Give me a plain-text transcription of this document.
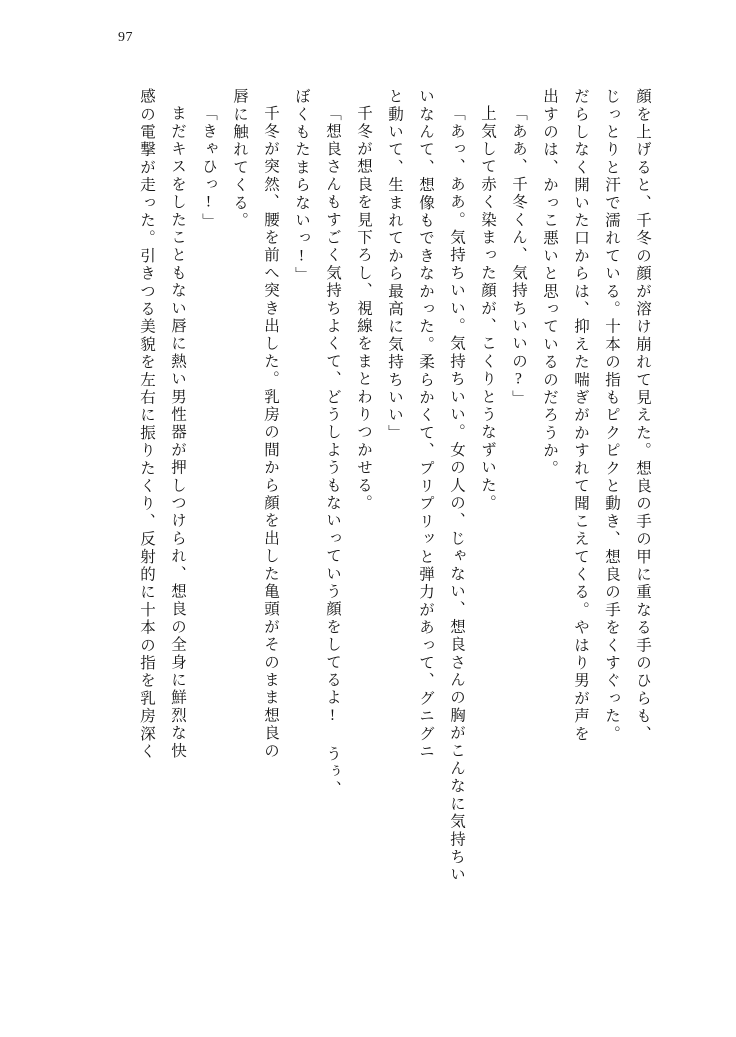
97
顔を上げると、千冬の顔が溶け崩れて見えた。想良の手の甲に重なる手のひらも、
じっとりと汗で濡れている。十本の指もピクピクと動き、想良の手をくすぐった。
だらしなく開いた口からは、抑えた喘ぎがかすれて聞こえてくる。やはり男が声を
出すのは、かっこ悪いと思っているのだろうか。
「ああ、千冬くん、気持ちいいの?」
上気して赤く染まった顔が、こくりとうなずいた。
「あっ、ああ。気持ちいい。気持ちいい。女の人の、じゃない、想良さんの胸がこんなに気持ちい
いなんて、想像もできなかった。柔らかくて、プリプリッと弾力があって、グニグニ
と動いて、生まれてから最高に気持ちいい」
千冬が想良を見下ろし、視線をまとわりつかせる。
「想良さんもすごく気持ちよくて、どうしようもないっていう顔をしてるよ! うぅ、
ぼくもたまらないっ!」
千冬が突然、腰を前へ突き出した。乳房の間から顔を出した亀頭がそのまま想良の
唇に触れてくる。
「きゃひっ!」
まだキスをしたこともない唇に熱い男性器が押しつけられ、想良の全身に鮮烈な快
感の電撃が走った。引きつる美貌を左右に振りたくり、反射的に十本の指を乳房深く
